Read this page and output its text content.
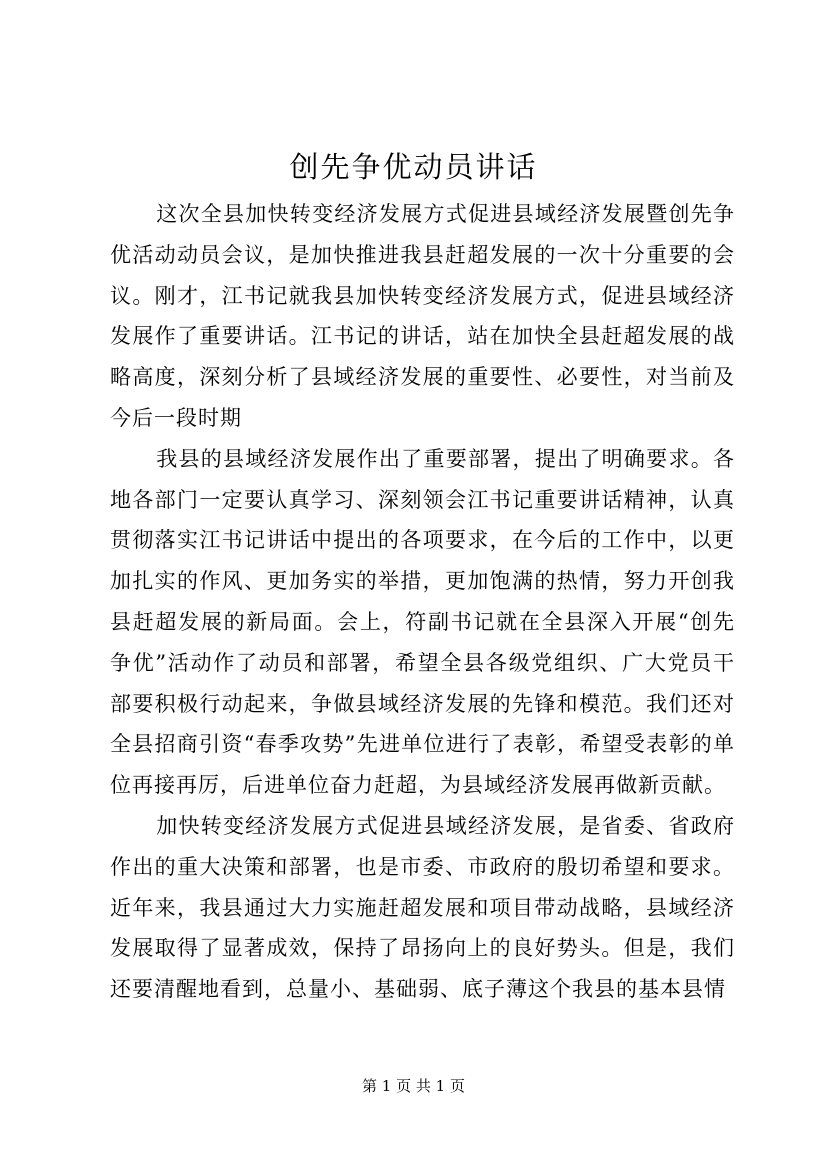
创先争优动员讲话

这次全县加快转变经济发展方式促进县域经济发展暨创先争优活动动员会议，是加快推进我县赶超发展的一次十分重要的会议。刚才，江书记就我县加快转变经济发展方式，促进县域经济发展作了重要讲话。江书记的讲话，站在加快全县赶超发展的战略高度，深刻分析了县域经济发展的重要性、必要性，对当前及今后一段时期

我县的县域经济发展作出了重要部署，提出了明确要求。各地各部门一定要认真学习、深刻领会江书记重要讲话精神，认真贯彻落实江书记讲话中提出的各项要求，在今后的工作中，以更加扎实的作风、更加务实的举措，更加饱满的热情，努力开创我县赶超发展的新局面。会上，符副书记就在全县深入开展“创先争优”活动作了动员和部署，希望全县各级党组织、广大党员干部要积极行动起来，争做县域经济发展的先锋和模范。我们还对全县招商引资“春季攻势”先进单位进行了表彰，希望受表彰的单位再接再厉，后进单位奋力赶超，为县域经济发展再做新贡献。

加快转变经济发展方式促进县域经济发展，是省委、省政府作出的重大决策和部署，也是市委、市政府的殷切希望和要求。近年来，我县通过大力实施赶超发展和项目带动战略，县域经济发展取得了显著成效，保持了昂扬向上的良好势头。但是，我们还要清醒地看到，总量小、基础弱、底子薄这个我县的基本县情

第 1 页 共 1 页
